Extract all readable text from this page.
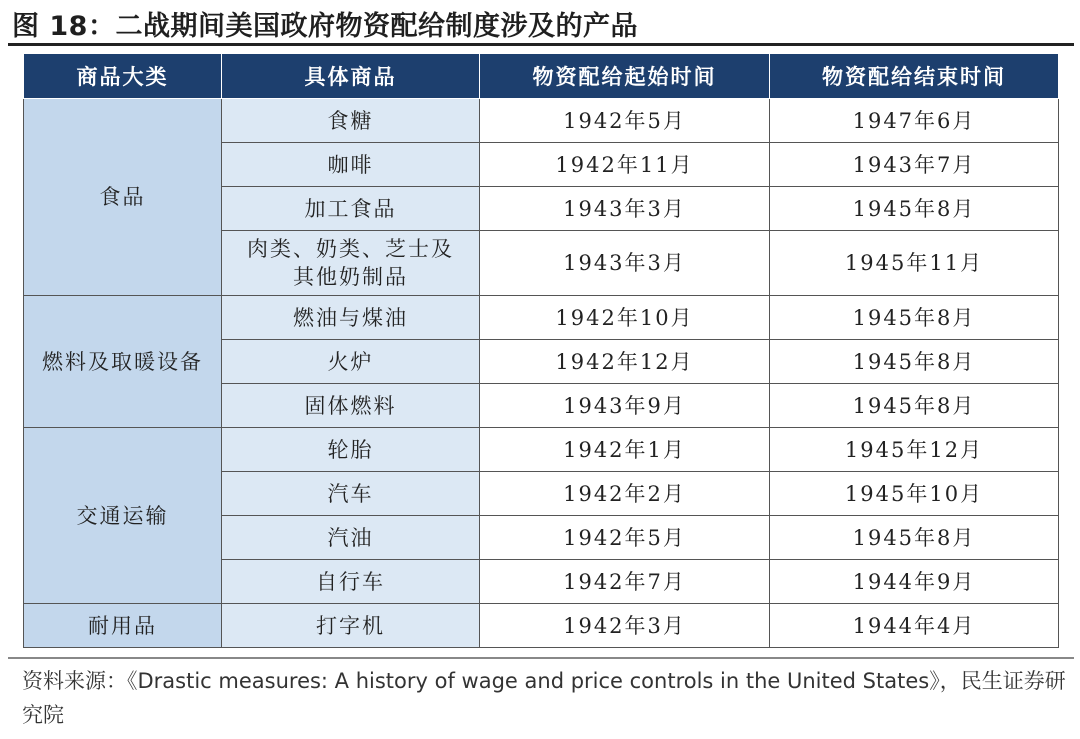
图 18：二战期间美国政府物资配给制度涉及的产品
商品大类	具体商品	物资配给起始时间	物资配给结束时间
食品	食糖	1942年5月	1947年6月
	咖啡	1942年11月	1943年7月
	加工食品	1943年3月	1945年8月
	肉类、奶类、芝士及其他奶制品	1943年3月	1945年11月
燃料及取暖设备	燃油与煤油	1942年10月	1945年8月
	火炉	1942年12月	1945年8月
	固体燃料	1943年9月	1945年8月
交通运输	轮胎	1942年1月	1945年12月
	汽车	1942年2月	1945年10月
	汽油	1942年5月	1945年8月
	自行车	1942年7月	1944年9月
耐用品	打字机	1942年3月	1944年4月
资料来源：《Drastic measures: A history of wage and price controls in the United States》，民生证券研究院
